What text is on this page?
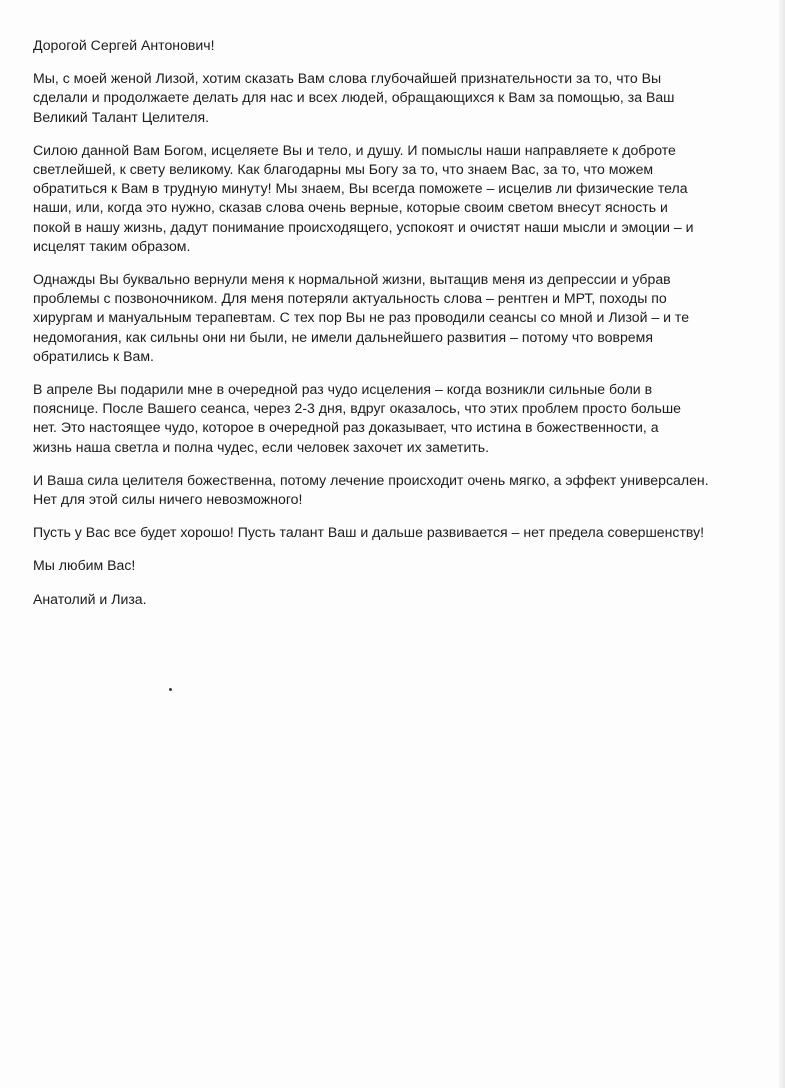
Дорогой Сергей Антонович!
Мы, с моей женой Лизой, хотим сказать Вам слова глубочайшей признательности за то, что Вы
сделали и продолжаете делать для нас и всех людей, обращающихся к Вам за помощью, за Ваш
Великий Талант Целителя.
Силою данной Вам Богом, исцеляете Вы и тело, и душу. И помыслы наши направляете к доброте
светлейшей, к свету великому. Как благодарны мы Богу за то, что знаем Вас, за то, что можем
обратиться к Вам в трудную минуту! Мы знаем, Вы всегда поможете – исцелив ли физические тела
наши, или, когда это нужно, сказав слова очень верные, которые своим светом внесут ясность и
покой в нашу жизнь, дадут понимание происходящего, успокоят и очистят наши мысли и эмоции – и
исцелят таким образом.
Однажды Вы буквально вернули меня к нормальной жизни, вытащив меня из депрессии и убрав
проблемы с позвоночником. Для меня потеряли актуальность слова – рентген и МРТ, походы по
хирургам и мануальным терапевтам. С тех пор Вы не раз проводили сеансы со мной и Лизой – и те
недомогания, как сильны они ни были, не имели дальнейшего развития – потому что вовремя
обратились к Вам.
В апреле Вы подарили мне в очередной раз чудо исцеления – когда возникли сильные боли в
пояснице. После Вашего сеанса, через 2-3 дня, вдруг оказалось, что этих проблем просто больше
нет. Это настоящее чудо, которое в очередной раз доказывает, что истина в божественности, а
жизнь наша светла и полна чудес, если человек захочет их заметить.
И Ваша сила целителя божественна, потому лечение происходит очень мягко, а эффект универсален.
Нет для этой силы ничего невозможного!
Пусть у Вас все будет хорошо! Пусть талант Ваш и дальше развивается – нет предела совершенству!
Мы любим Вас!
Анатолий и Лиза.
